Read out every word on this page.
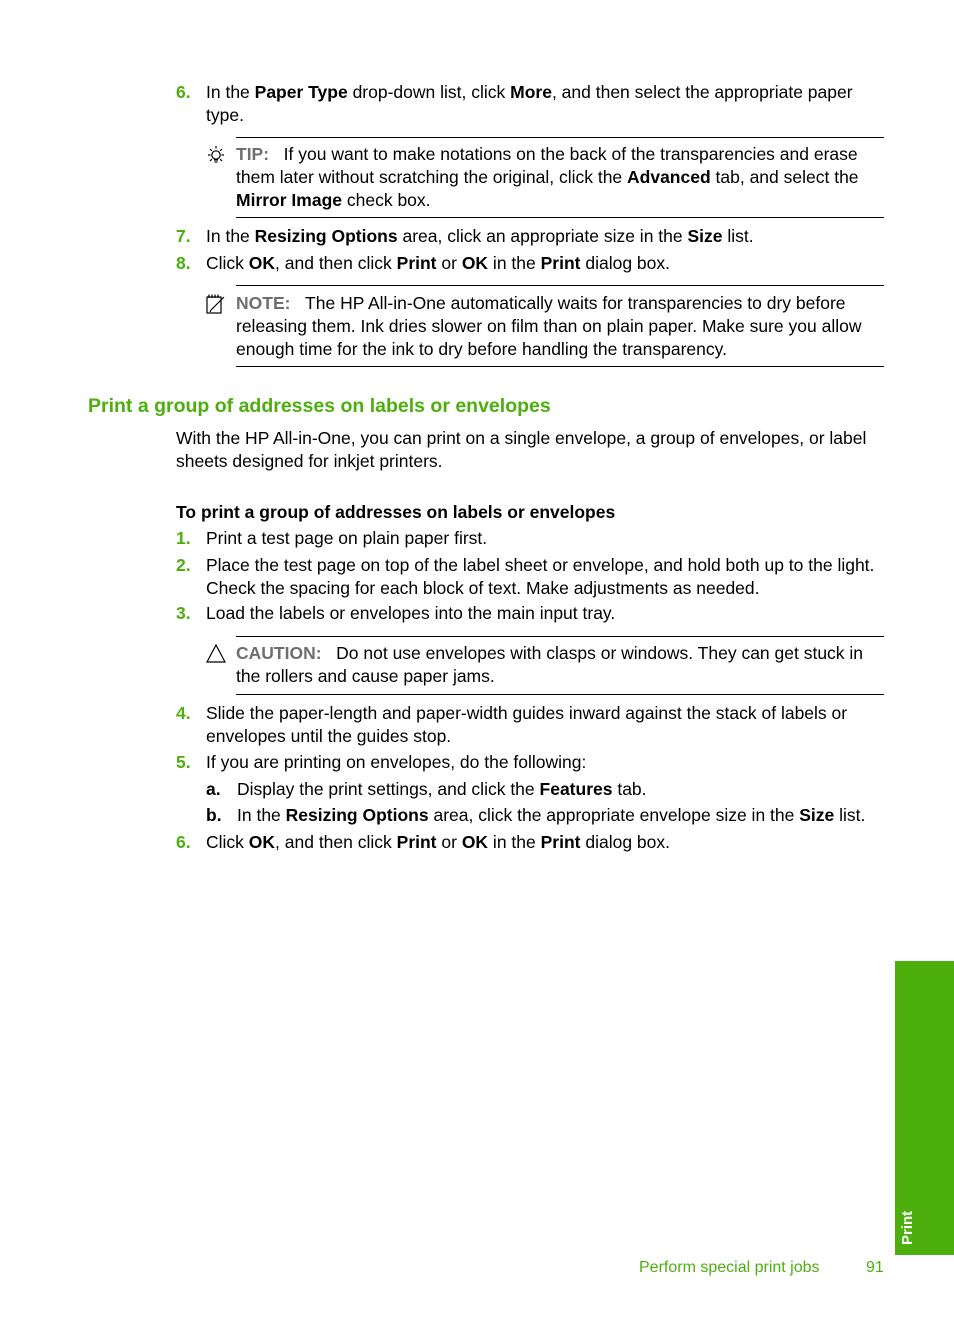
6. In the Paper Type drop-down list, click More, and then select the appropriate paper type.
TIP: If you want to make notations on the back of the transparencies and erase them later without scratching the original, click the Advanced tab, and select the Mirror Image check box.
7. In the Resizing Options area, click an appropriate size in the Size list.
8. Click OK, and then click Print or OK in the Print dialog box.
NOTE: The HP All-in-One automatically waits for transparencies to dry before releasing them. Ink dries slower on film than on plain paper. Make sure you allow enough time for the ink to dry before handling the transparency.
Print a group of addresses on labels or envelopes
With the HP All-in-One, you can print on a single envelope, a group of envelopes, or label sheets designed for inkjet printers.
To print a group of addresses on labels or envelopes
1. Print a test page on plain paper first.
2. Place the test page on top of the label sheet or envelope, and hold both up to the light. Check the spacing for each block of text. Make adjustments as needed.
3. Load the labels or envelopes into the main input tray.
CAUTION: Do not use envelopes with clasps or windows. They can get stuck in the rollers and cause paper jams.
4. Slide the paper-length and paper-width guides inward against the stack of labels or envelopes until the guides stop.
5. If you are printing on envelopes, do the following:
a. Display the print settings, and click the Features tab.
b. In the Resizing Options area, click the appropriate envelope size in the Size list.
6. Click OK, and then click Print or OK in the Print dialog box.
Print
Perform special print jobs	91
